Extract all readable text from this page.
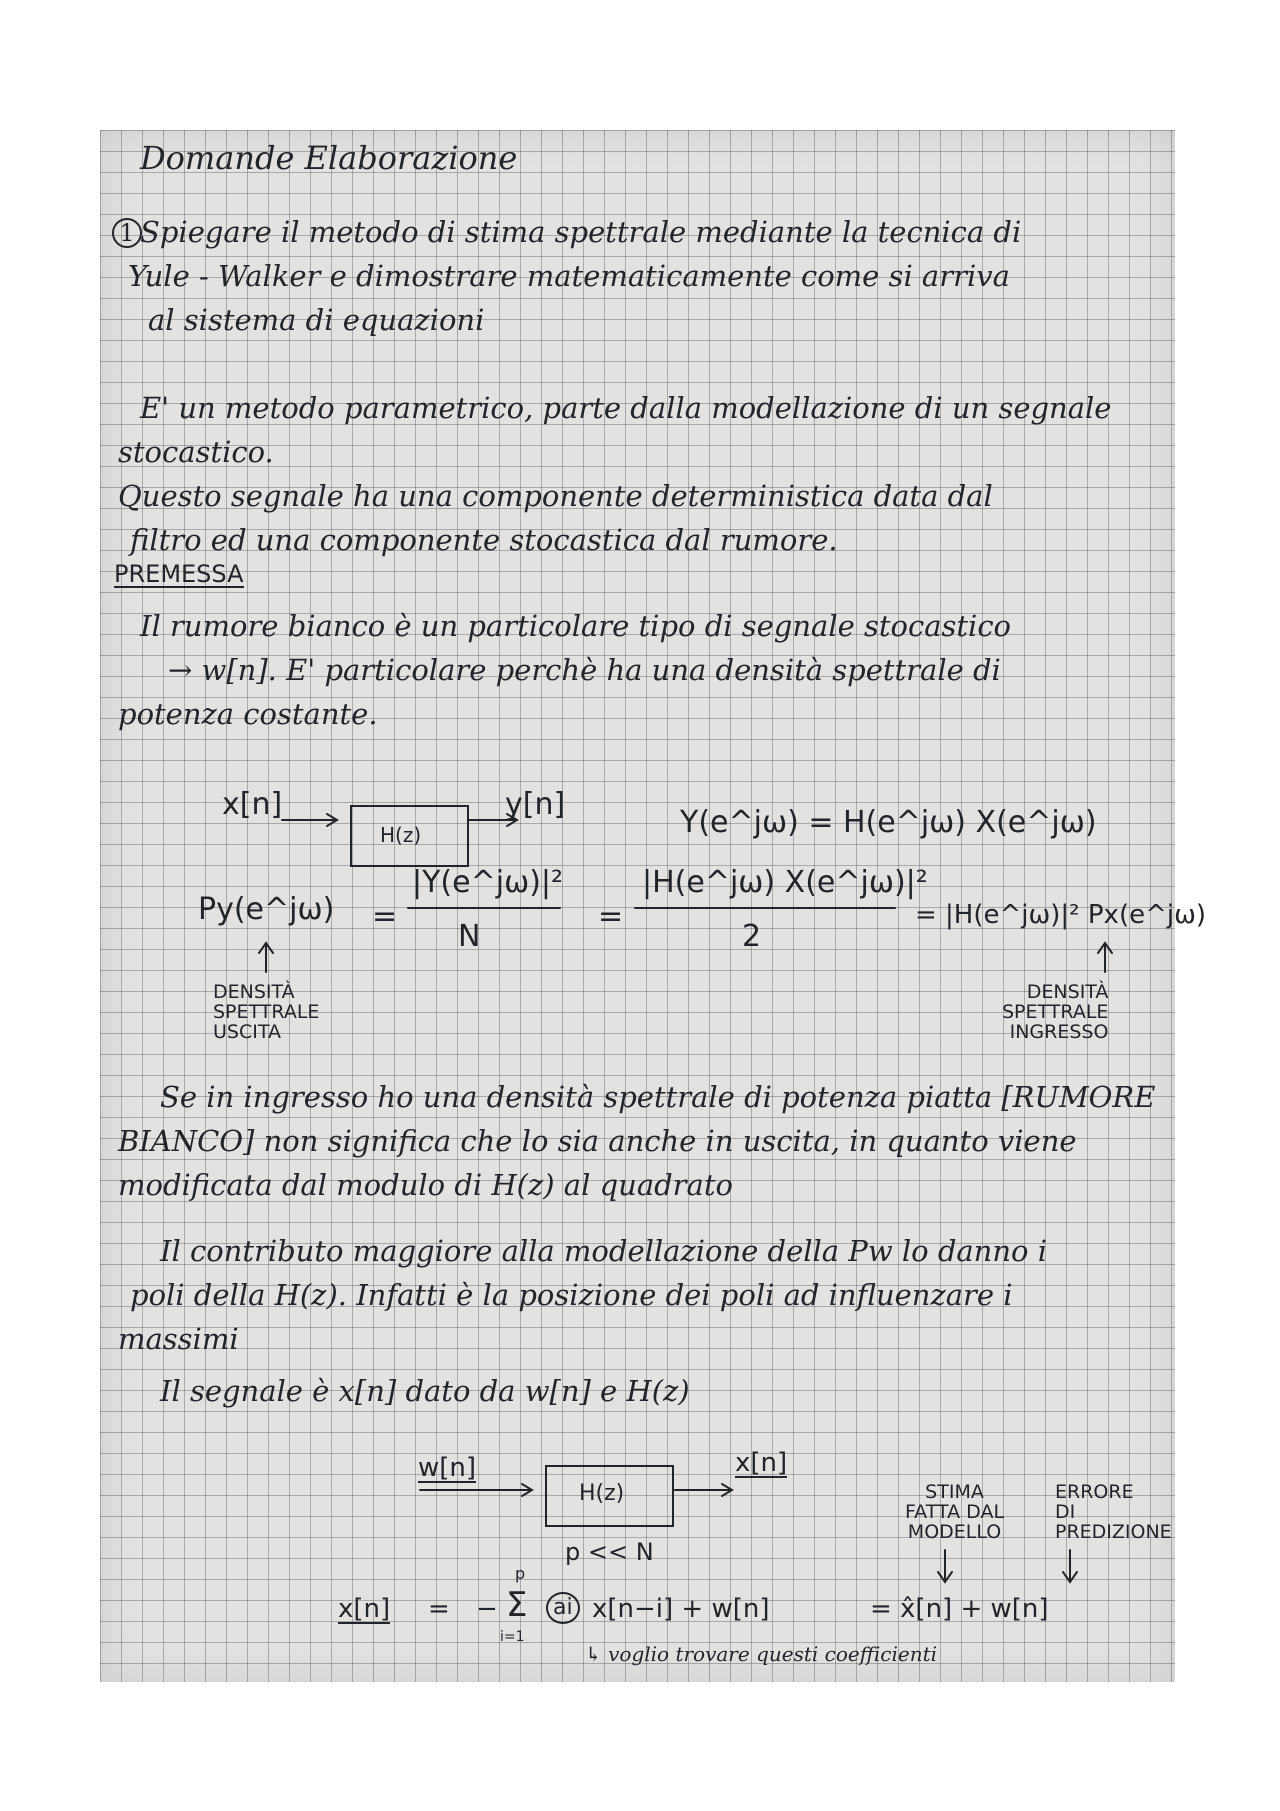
Domande Elaborazione
1 Spiegare il metodo di stima spettrale mediante la tecnica di
Yule - Walker e dimostrare matematicamente come si arriva
al sistema di equazioni
E' un metodo parametrico, parte dalla modellazione di un segnale
stocastico.
Questo segnale ha una componente deterministica data dal
filtro ed una componente stocastica dal rumore.
PREMESSA
Il rumore bianco è un particolare tipo di segnale stocastico
→ w[n]. E' particolare perchè ha una densità spettrale di
potenza costante.
x[n]
H(z)
y[n]
Y(e^jω) = H(e^jω) X(e^jω)
Py(e^jω) =
|Y(e^jω)|²
N
=
|H(e^jω) X(e^jω)|²
2
= |H(e^jω)|² Px(e^jω)
DENSITÀ
SPETTRALE
USCITA
DENSITÀ
SPETTRALE
INGRESSO
Se in ingresso ho una densità spettrale di potenza piatta [RUMORE
BIANCO] non significa che lo sia anche in uscita, in quanto viene
modificata dal modulo di H(z) al quadrato
Il contributo maggiore alla modellazione della Pw lo danno i
poli della H(z). Infatti è la posizione dei poli ad influenzare i
massimi
Il segnale è x[n] dato da w[n] e H(z)
w[n]
H(z)
x[n]
p << N
STIMA
FATTA DAL
MODELLO
ERRORE
DI
PREDIZIONE
x[n] = −
p
Σ
i=1
ai x[n−i] + w[n]	= x̂[n] + w[n]
↳ voglio trovare questi coefficienti
